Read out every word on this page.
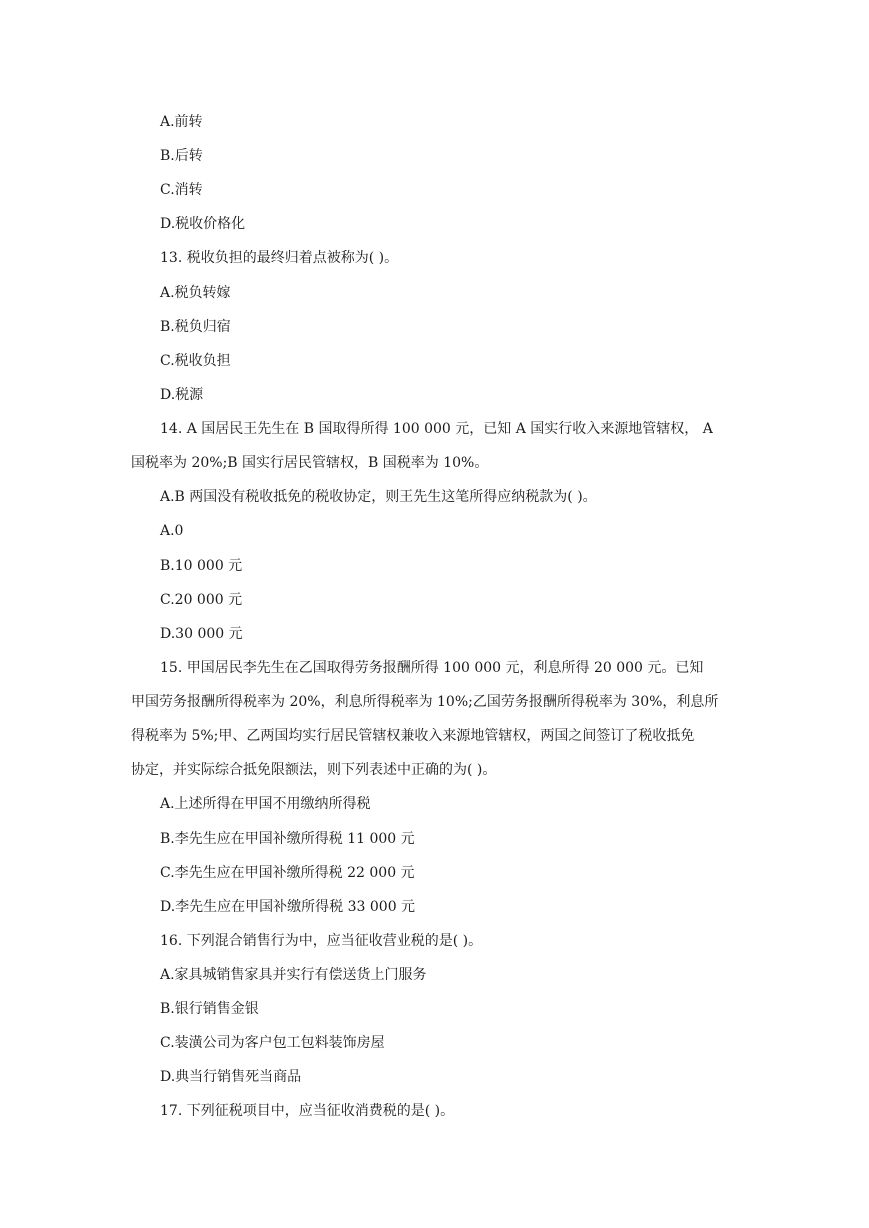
A.前转
B.后转
C.消转
D.税收价格化
13. 税收负担的最终归着点被称为( )。
A.税负转嫁
B.税负归宿
C.税收负担
D.税源
14. A 国居民王先生在 B 国取得所得 100 000 元，已知 A 国实行收入来源地管辖权， A
国税率为 20%;B 国实行居民管辖权，B 国税率为 10%。
A.B 两国没有税收抵免的税收协定，则王先生这笔所得应纳税款为( )。
A.0
B.10 000 元
C.20 000 元
D.30 000 元
15. 甲国居民李先生在乙国取得劳务报酬所得 100 000 元，利息所得 20 000 元。已知
甲国劳务报酬所得税率为 20%，利息所得税率为 10%;乙国劳务报酬所得税率为 30%，利息所
得税率为 5%;甲、乙两国均实行居民管辖权兼收入来源地管辖权，两国之间签订了税收抵免
协定，并实际综合抵免限额法，则下列表述中正确的为( )。
A.上述所得在甲国不用缴纳所得税
B.李先生应在甲国补缴所得税 11 000 元
C.李先生应在甲国补缴所得税 22 000 元
D.李先生应在甲国补缴所得税 33 000 元
16. 下列混合销售行为中，应当征收营业税的是( )。
A.家具城销售家具并实行有偿送货上门服务
B.银行销售金银
C.装潢公司为客户包工包料装饰房屋
D.典当行销售死当商品
17. 下列征税项目中，应当征收消费税的是( )。
